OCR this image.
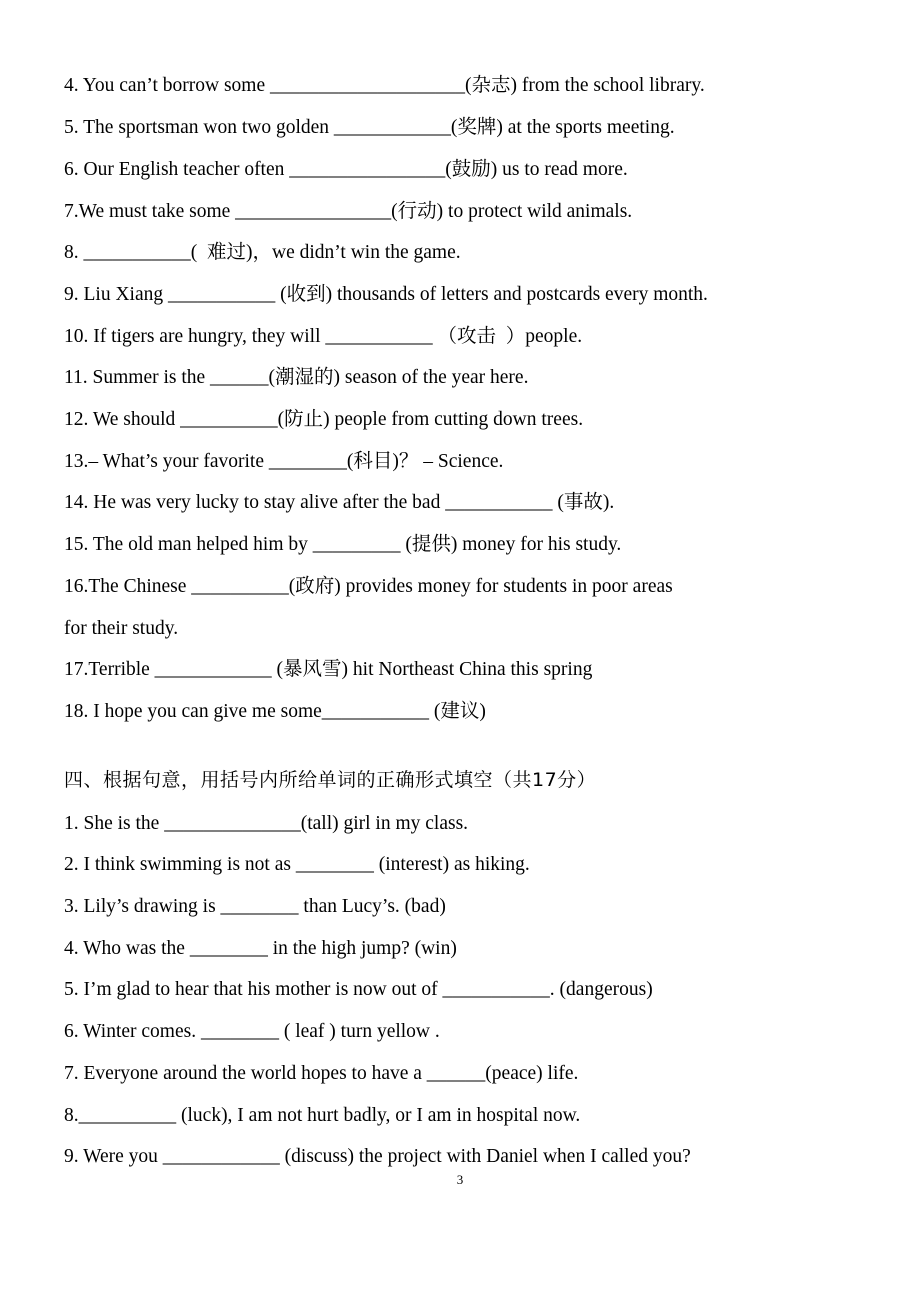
4. You can’t borrow some ____________________(杂志) from the school library.
5. The sportsman won two golden ____________(奖牌) at the sports meeting.
6. Our English teacher often ________________(鼓励) us to read more.
7.We must take some ________________(行动) to protect wild animals.
8. ___________(  难过)，we didn’t win the game.
9. Liu Xiang ___________ (收到) thousands of letters and postcards every month.
10. If tigers are hungry, they will ___________ （攻击  ）people.
11. Summer is the ______(潮湿的) season of the year here.
12. We should __________(防止) people from cutting down trees.
13.– What’s your favorite ________(科目)？ – Science.
14. He was very lucky to stay alive after the bad ___________ (事故).
15. The old man helped him by _________ (提供) money for his study.
16.The Chinese __________(政府) provides money for students in poor areas
for their study.
17.Terrible ____________ (暴风雪) hit Northeast China this spring
18. I hope you can give me some___________ (建议)
四、根据句意，用括号内所给单词的正确形式填空（共17分）
1. She is the ______________(tall) girl in my class.
2. I think swimming is not as ________ (interest) as hiking.
3. Lily’s drawing is ________ than Lucy’s. (bad)
4. Who was the ________ in the high jump? (win)
5. I’m glad to hear that his mother is now out of ___________. (dangerous)
6. Winter comes. ________ ( leaf ) turn yellow .
7. Everyone around the world hopes to have a ______(peace) life.
8.__________ (luck), I am not hurt badly, or I am in hospital now.
9. Were you ____________ (discuss) the project with Daniel when I called you?
3
